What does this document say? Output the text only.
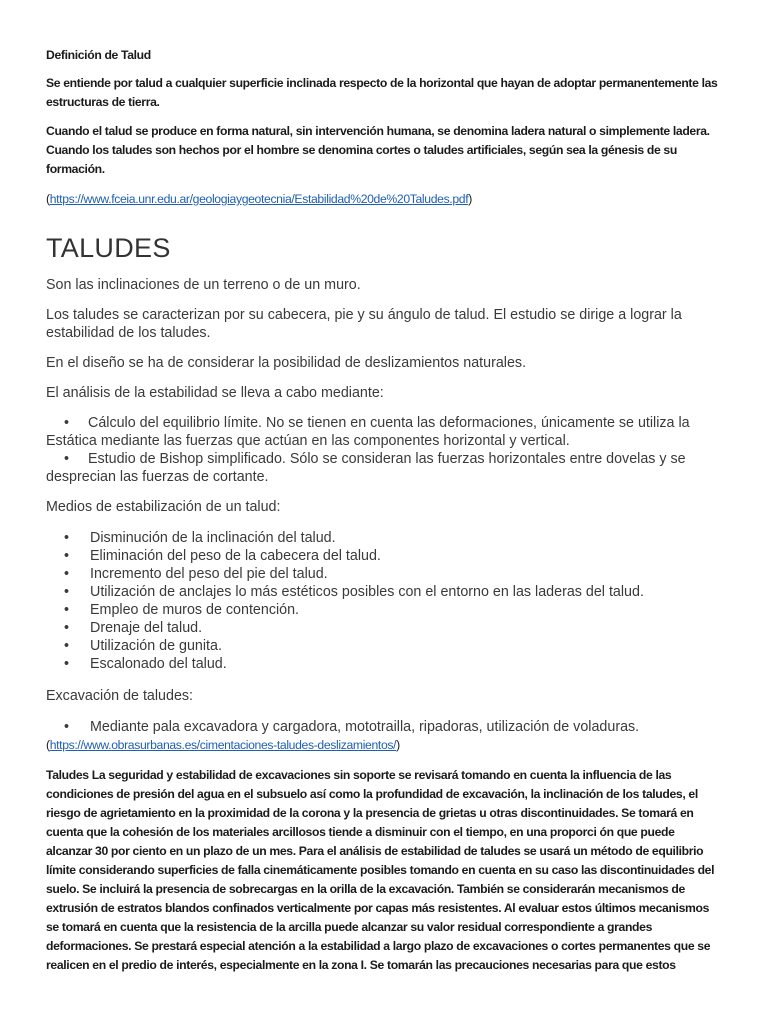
Definición de Talud

Se entiende por talud a cualquier superficie inclinada respecto de la horizontal que hayan de adoptar permanentemente las estructuras de tierra.

Cuando el talud se produce en forma natural, sin intervención humana, se denomina ladera natural o simplemente ladera. Cuando los taludes son hechos por el hombre se denomina cortes o taludes artificiales, según sea la génesis de su formación.

(https://www.fceia.unr.edu.ar/geologiaygeotecnia/Estabilidad%20de%20Taludes.pdf)
TALUDES

Son las inclinaciones de un terreno o de un muro.

Los taludes se caracterizan por su cabecera, pie y su ángulo de talud. El estudio se dirige a lograr la estabilidad de los taludes.

En el diseño se ha de considerar la posibilidad de deslizamientos naturales.

El análisis de la estabilidad se lleva a cabo mediante:

• Cálculo del equilibrio límite. No se tienen en cuenta las deformaciones, únicamente se utiliza la
Estática mediante las fuerzas que actúan en las componentes horizontal y vertical.
• Estudio de Bishop simplificado. Sólo se consideran las fuerzas horizontales entre dovelas y se
desprecian las fuerzas de cortante.

Medios de estabilización de un talud:

• Disminución de la inclinación del talud.
• Eliminación del peso de la cabecera del talud.
• Incremento del peso del pie del talud.
• Utilización de anclajes lo más estéticos posibles con el entorno en las laderas del talud.
• Empleo de muros de contención.
• Drenaje del talud.
• Utilización de gunita.
• Escalonado del talud.

Excavación de taludes:

• Mediante pala excavadora y cargadora, mototrailla, ripadoras, utilización de voladuras.
(https://www.obrasurbanas.es/cimentaciones-taludes-deslizamientos/)

Taludes La seguridad y estabilidad de excavaciones sin soporte se revisará tomando en cuenta la influencia de las condiciones de presión del agua en el subsuelo así como la profundidad de excavación, la inclinación de los taludes, el riesgo de agrietamiento en la proximidad de la corona y la presencia de grietas u otras discontinuidades. Se tomará en cuenta que la cohesión de los materiales arcillosos tiende a disminuir con el tiempo, en una proporci ón que puede alcanzar 30 por ciento en un plazo de un mes. Para el análisis de estabilidad de taludes se usará un método de equilibrio límite considerando superficies de falla cinemáticamente posibles tomando en cuenta en su caso las discontinuidades del suelo. Se incluirá la presencia de sobrecargas en la orilla de la excavación. También se considerarán mecanismos de extrusión de estratos blandos confinados verticalmente por capas más resistentes. Al evaluar estos últimos mecanismos se tomará en cuenta que la resistencia de la arcilla puede alcanzar su valor residual correspondiente a grandes deformaciones. Se prestará especial atención a la estabilidad a largo plazo de excavaciones o cortes permanentes que se realicen en el predio de interés, especialmente en la zona I. Se tomarán las precauciones necesarias para que estos
